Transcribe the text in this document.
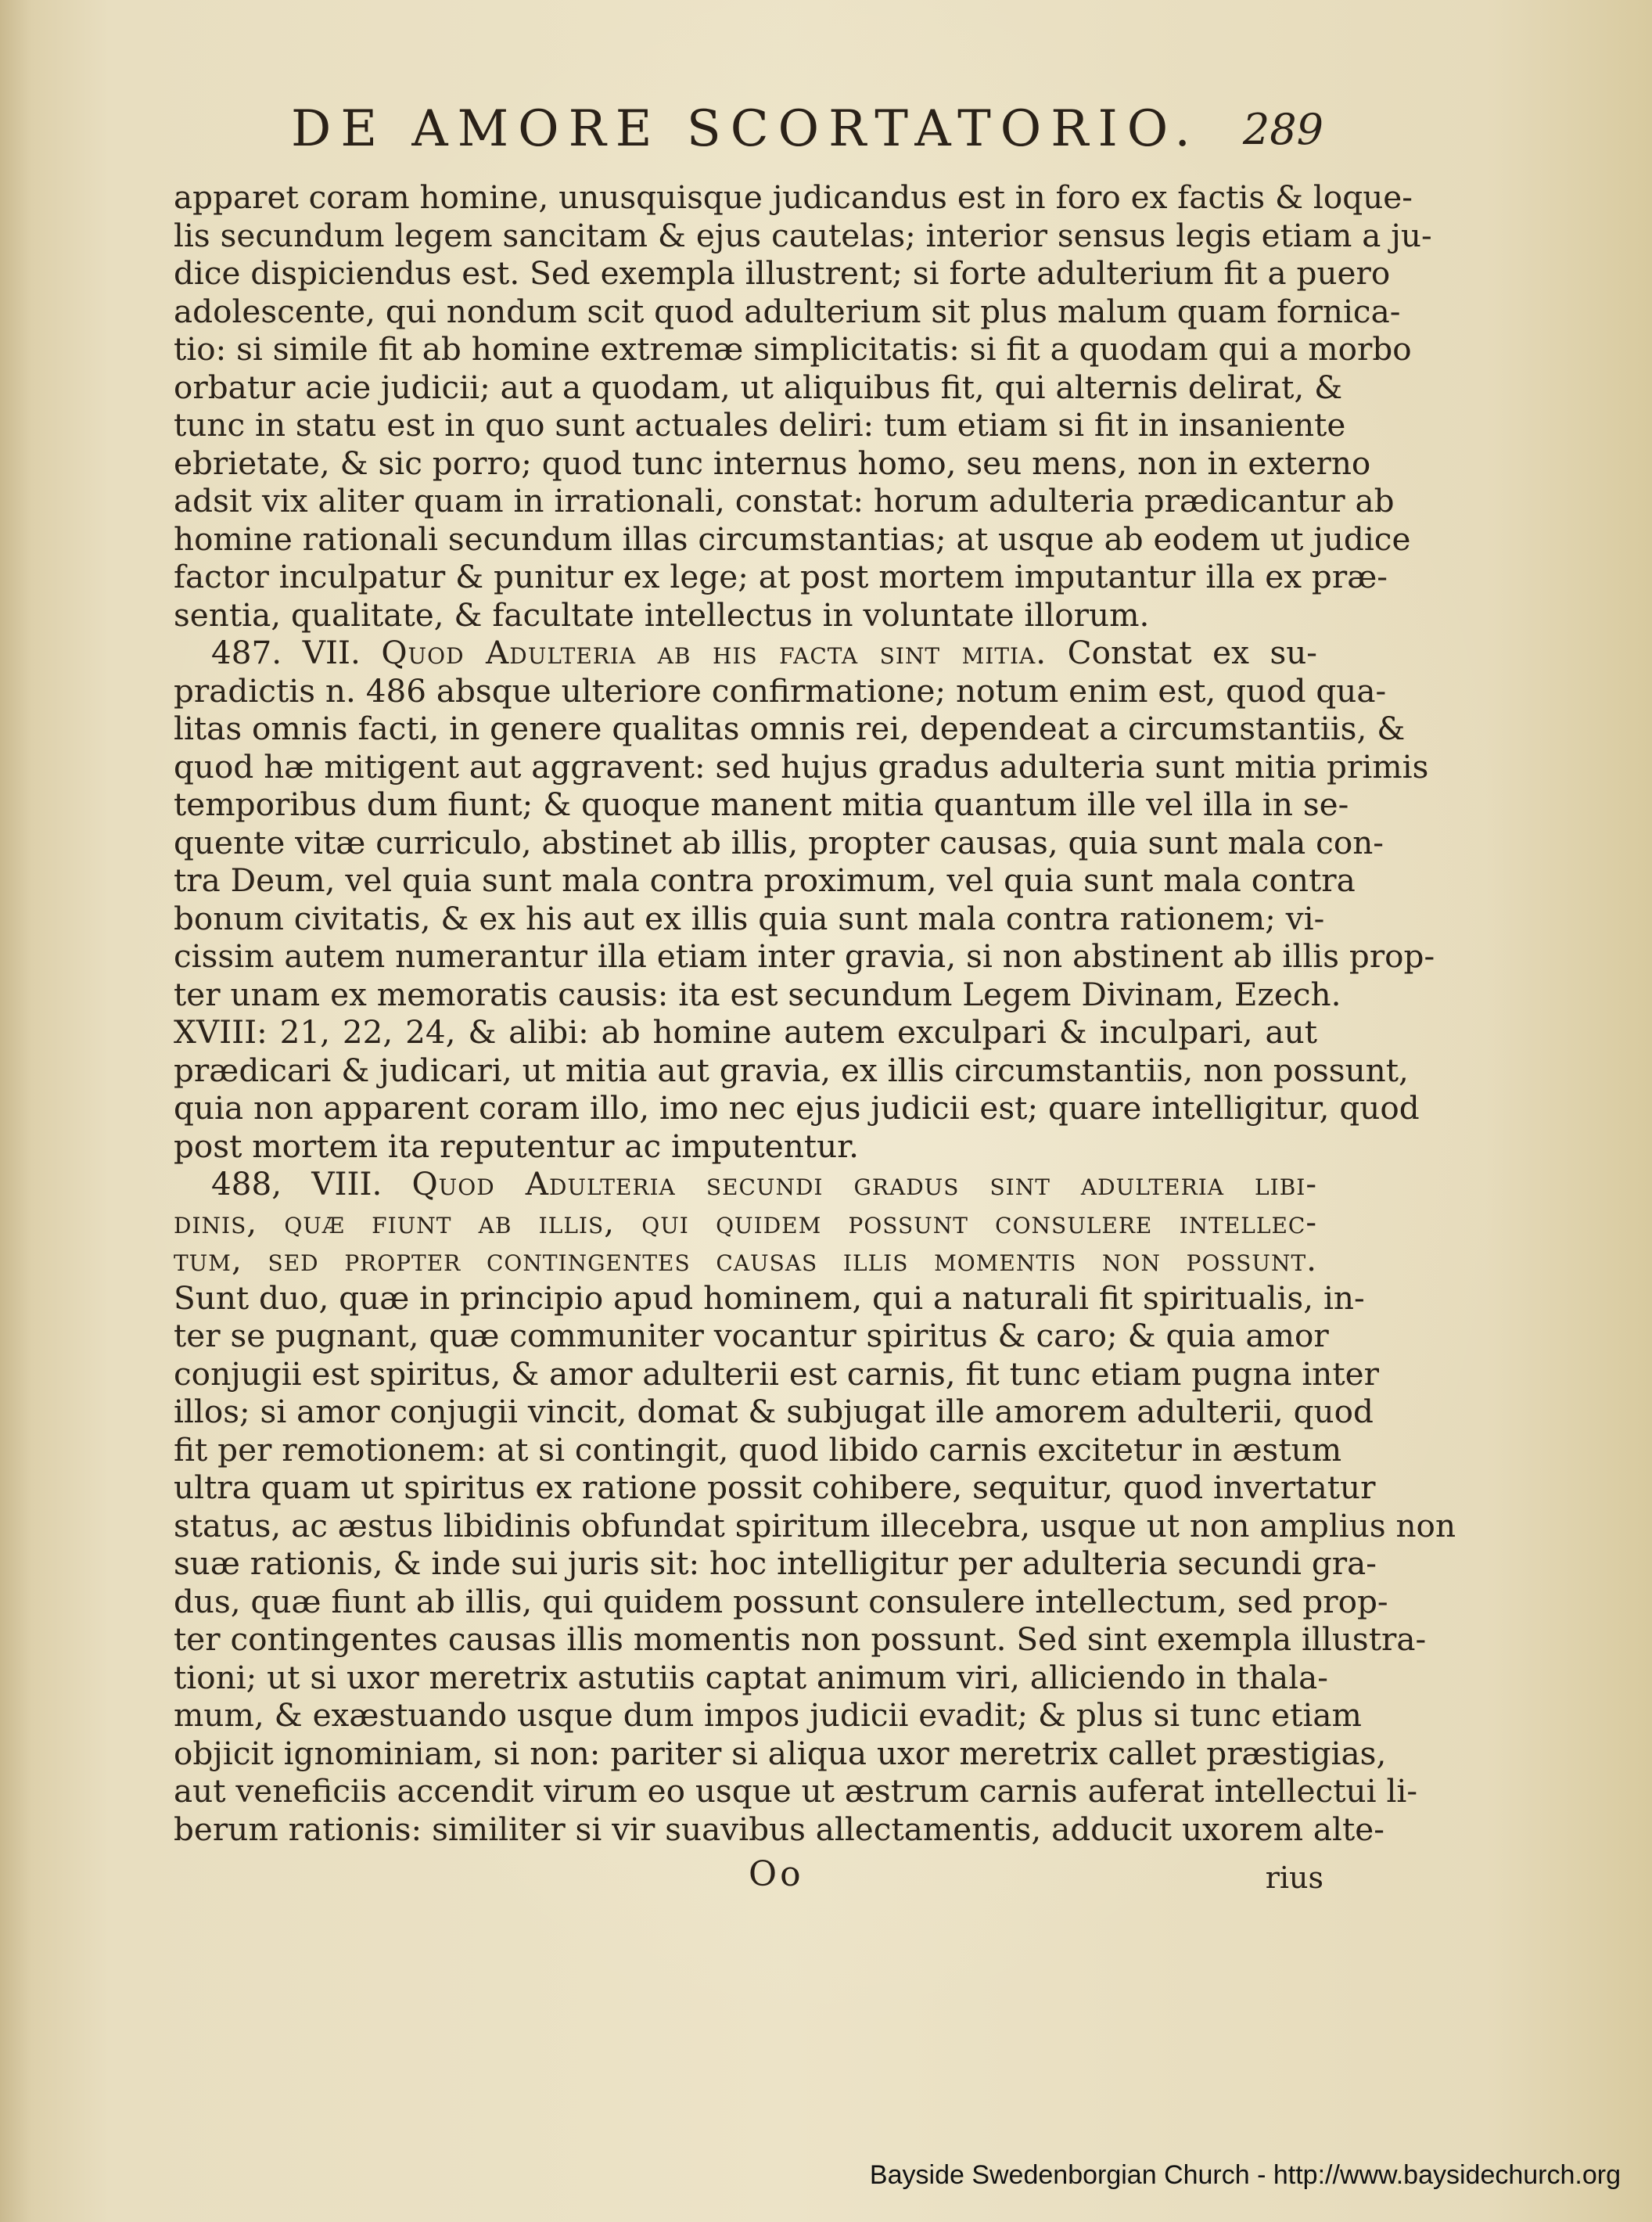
DE AMORE SCORTATORIO. 289
apparet coram homine, unusquisque judicandus est in foro ex factis & loque-
lis secundum legem sancitam & ejus cautelas; interior sensus legis etiam a ju-
dice dispiciendus est. Sed exempla illustrent; si forte adulterium fit a puero
adolescente, qui nondum scit quod adulterium sit plus malum quam fornica-
tio: si simile fit ab homine extremæ simplicitatis: si fit a quodam qui a morbo
orbatur acie judicii; aut a quodam, ut aliquibus fit, qui alternis delirat, &
tunc in statu est in quo sunt actuales deliri: tum etiam si fit in insaniente
ebrietate, & sic porro; quod tunc internus homo, seu mens, non in externo
adsit vix aliter quam in irrationali, constat: horum adulteria prædicantur ab
homine rationali secundum illas circumstantias; at usque ab eodem ut judice
factor inculpatur & punitur ex lege; at post mortem imputantur illa ex præ-
sentia, qualitate, & facultate intellectus in voluntate illorum.
487. VII. Quod Adulteria ab his facta sint mitia. Constat ex su-
pradictis n. 486 absque ulteriore confirmatione; notum enim est, quod qua-
litas omnis facti, in genere qualitas omnis rei, dependeat a circumstantiis, &
quod hæ mitigent aut aggravent: sed hujus gradus adulteria sunt mitia primis
temporibus dum fiunt; & quoque manent mitia quantum ille vel illa in se-
quente vitæ curriculo, abstinet ab illis, propter causas, quia sunt mala con-
tra Deum, vel quia sunt mala contra proximum, vel quia sunt mala contra
bonum civitatis, & ex his aut ex illis quia sunt mala contra rationem; vi-
cissim autem numerantur illa etiam inter gravia, si non abstinent ab illis prop-
ter unam ex memoratis causis: ita est secundum Legem Divinam, Ezech.
XVIII: 21, 22, 24, & alibi: ab homine autem exculpari & inculpari, aut
prædicari & judicari, ut mitia aut gravia, ex illis circumstantiis, non possunt,
quia non apparent coram illo, imo nec ejus judicii est; quare intelligitur, quod
post mortem ita reputentur ac imputentur.
488, VIII. Quod Adulteria secundi gradus sint adulteria libi-
dinis, quæ fiunt ab illis, qui quidem possunt consulere intellec-
tum, sed propter contingentes causas illis momentis non possunt.
Sunt duo, quæ in principio apud hominem, qui a naturali fit spiritualis, in-
ter se pugnant, quæ communiter vocantur spiritus & caro; & quia amor
conjugii est spiritus, & amor adulterii est carnis, fit tunc etiam pugna inter
illos; si amor conjugii vincit, domat & subjugat ille amorem adulterii, quod
fit per remotionem: at si contingit, quod libido carnis excitetur in æstum
ultra quam ut spiritus ex ratione possit cohibere, sequitur, quod invertatur
status, ac æstus libidinis obfundat spiritum illecebra, usque ut non amplius non
suæ rationis, & inde sui juris sit: hoc intelligitur per adulteria secundi gra-
dus, quæ fiunt ab illis, qui quidem possunt consulere intellectum, sed prop-
ter contingentes causas illis momentis non possunt. Sed sint exempla illustra-
tioni; ut si uxor meretrix astutiis captat animum viri, alliciendo in thala-
mum, & exæstuando usque dum impos judicii evadit; & plus si tunc etiam
objicit ignominiam, si non: pariter si aliqua uxor meretrix callet præstigias,
aut veneficiis accendit virum eo usque ut æstrum carnis auferat intellectui li-
berum rationis: similiter si vir suavibus allectamentis, adducit uxorem alte-
Oo	rius
Bayside Swedenborgian Church - http://www.baysidechurch.org
